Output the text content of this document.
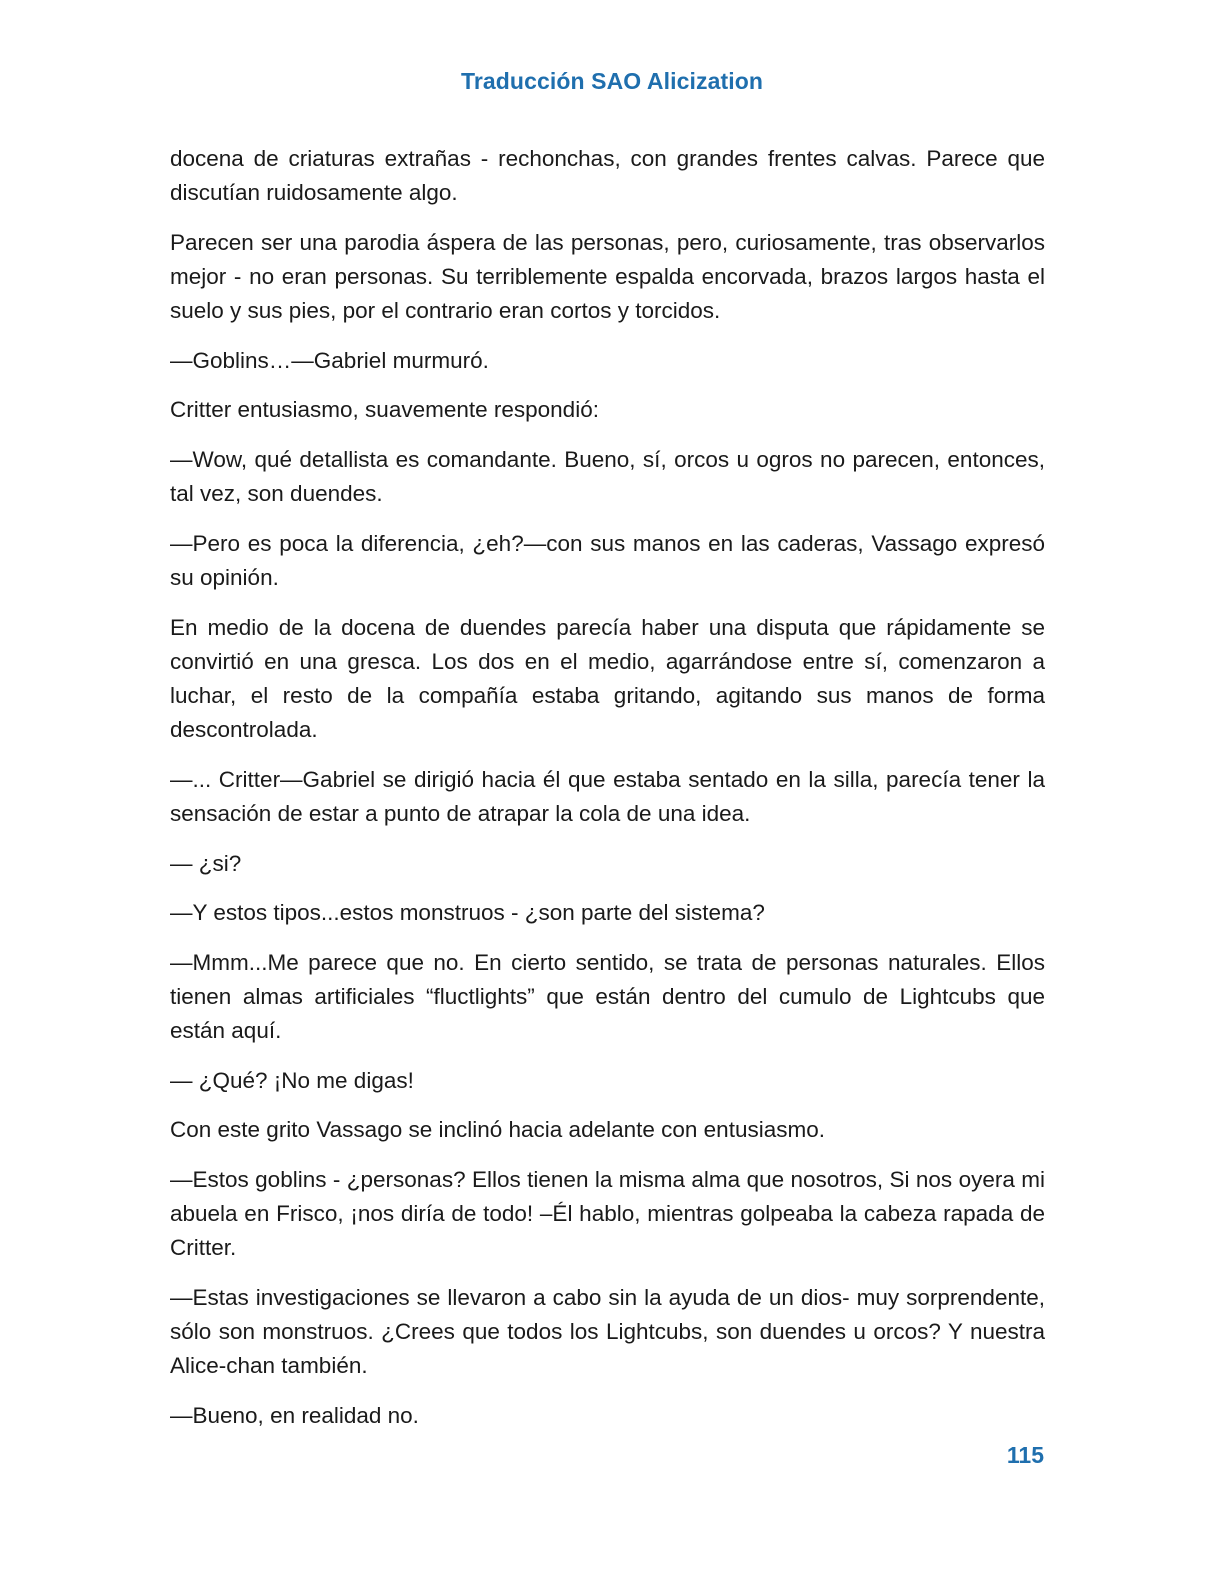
Traducción SAO Alicization

docena de criaturas extrañas - rechonchas, con grandes frentes calvas. Parece que discutían ruidosamente algo.

Parecen ser una parodia áspera de las personas, pero, curiosamente, tras observarlos mejor - no eran personas. Su terriblemente espalda encorvada, brazos largos hasta el suelo y sus pies, por el contrario eran cortos y torcidos.

—Goblins…—Gabriel murmuró.

Critter entusiasmo, suavemente respondió:

—Wow, qué detallista es comandante. Bueno, sí, orcos u ogros no parecen, entonces, tal vez, son duendes.

—Pero es poca la diferencia, ¿eh?—con sus manos en las caderas, Vassago expresó su opinión.

En medio de la docena de duendes parecía haber una disputa que rápidamente se convirtió en una gresca. Los dos en el medio, agarrándose entre sí, comenzaron a luchar, el resto de la compañía estaba gritando, agitando sus manos de forma descontrolada.

—... Critter—Gabriel se dirigió hacia él que estaba sentado en la silla, parecía tener la sensación de estar a punto de atrapar la cola de una idea.

— ¿si?

—Y estos tipos...estos monstruos - ¿son parte del sistema?

—Mmm...Me parece que no. En cierto sentido, se trata de personas naturales. Ellos tienen almas artificiales “fluctlights” que están dentro del cumulo de Lightcubs que están aquí.

— ¿Qué? ¡No me digas!

Con este grito Vassago se inclinó hacia adelante con entusiasmo.

—Estos goblins - ¿personas? Ellos tienen la misma alma que nosotros, Si nos oyera mi abuela en Frisco, ¡nos diría de todo! –Él hablo, mientras golpeaba la cabeza rapada de Critter.

—Estas investigaciones se llevaron a cabo sin la ayuda de un dios- muy sorprendente, sólo son monstruos. ¿Crees que todos los Lightcubs, son duendes u orcos? Y nuestra Alice-chan también.

—Bueno, en realidad no.

115
